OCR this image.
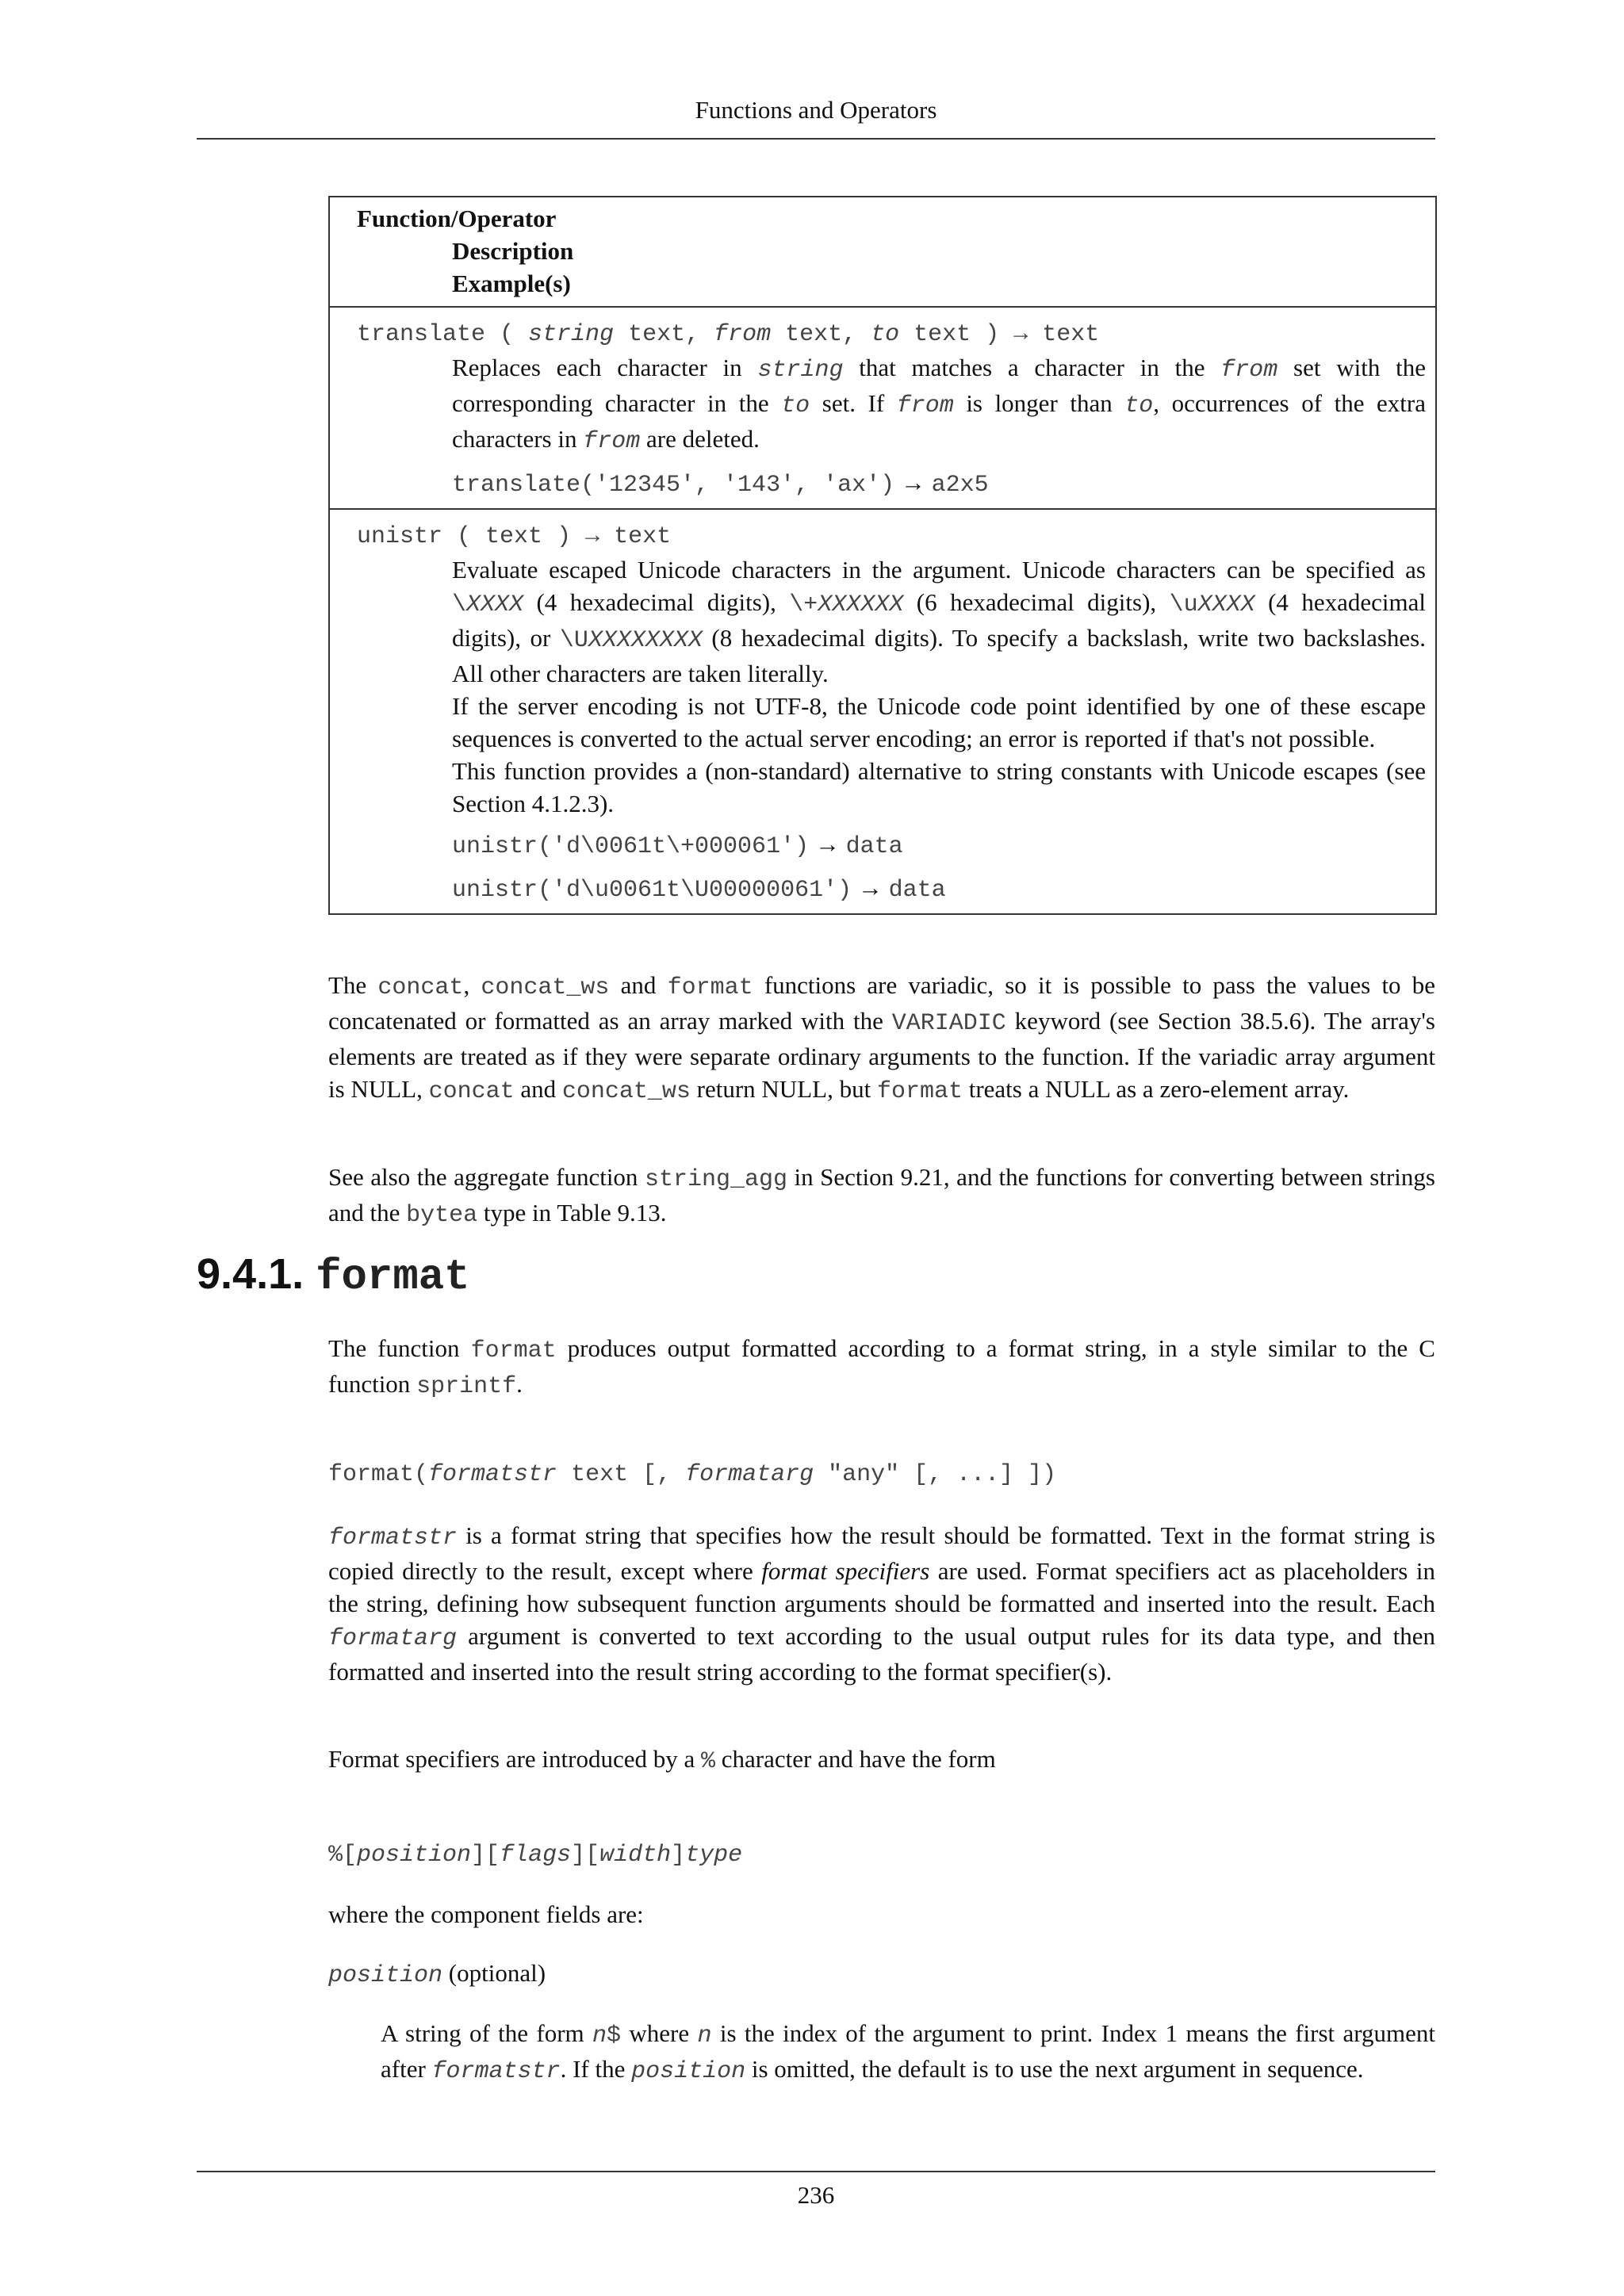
Functions and Operators
Function/Operator
Description
Example(s)
translate ( string text, from text, to text ) → text
Replaces each character in string that matches a character in the from set with the corresponding character in the to set. If from is longer than to, occurrences of the extra characters in from are deleted.
translate('12345', '143', 'ax') → a2x5
unistr ( text ) → text
Evaluate escaped Unicode characters in the argument. Unicode characters can be specified as \XXXX (4 hexadecimal digits), \+XXXXXX (6 hexadecimal digits), \uXXXX (4 hexadecimal digits), or \UXXXXXXXX (8 hexadecimal digits). To specify a backslash, write two backslashes. All other characters are taken literally.
If the server encoding is not UTF-8, the Unicode code point identified by one of these escape sequences is converted to the actual server encoding; an error is reported if that's not possible.
This function provides a (non-standard) alternative to string constants with Unicode escapes (see Section 4.1.2.3).
unistr('d\0061t\+000061') → data
unistr('d\u0061t\U00000061') → data
The concat, concat_ws and format functions are variadic, so it is possible to pass the values to be concatenated or formatted as an array marked with the VARIADIC keyword (see Section 38.5.6). The array's elements are treated as if they were separate ordinary arguments to the function. If the variadic array argument is NULL, concat and concat_ws return NULL, but format treats a NULL as a zero-element array.
See also the aggregate function string_agg in Section 9.21, and the functions for converting between strings and the bytea type in Table 9.13.
9.4.1. format
The function format produces output formatted according to a format string, in a style similar to the C function sprintf.
format(formatstr text [, formatarg "any" [, ...] ])
formatstr is a format string that specifies how the result should be formatted. Text in the format string is copied directly to the result, except where format specifiers are used. Format specifiers act as placeholders in the string, defining how subsequent function arguments should be formatted and inserted into the result. Each formatarg argument is converted to text according to the usual output rules for its data type, and then formatted and inserted into the result string according to the format specifier(s).
Format specifiers are introduced by a % character and have the form
%[position][flags][width]type
where the component fields are:
position (optional)
A string of the form n$ where n is the index of the argument to print. Index 1 means the first argument after formatstr. If the position is omitted, the default is to use the next argument in sequence.
236
